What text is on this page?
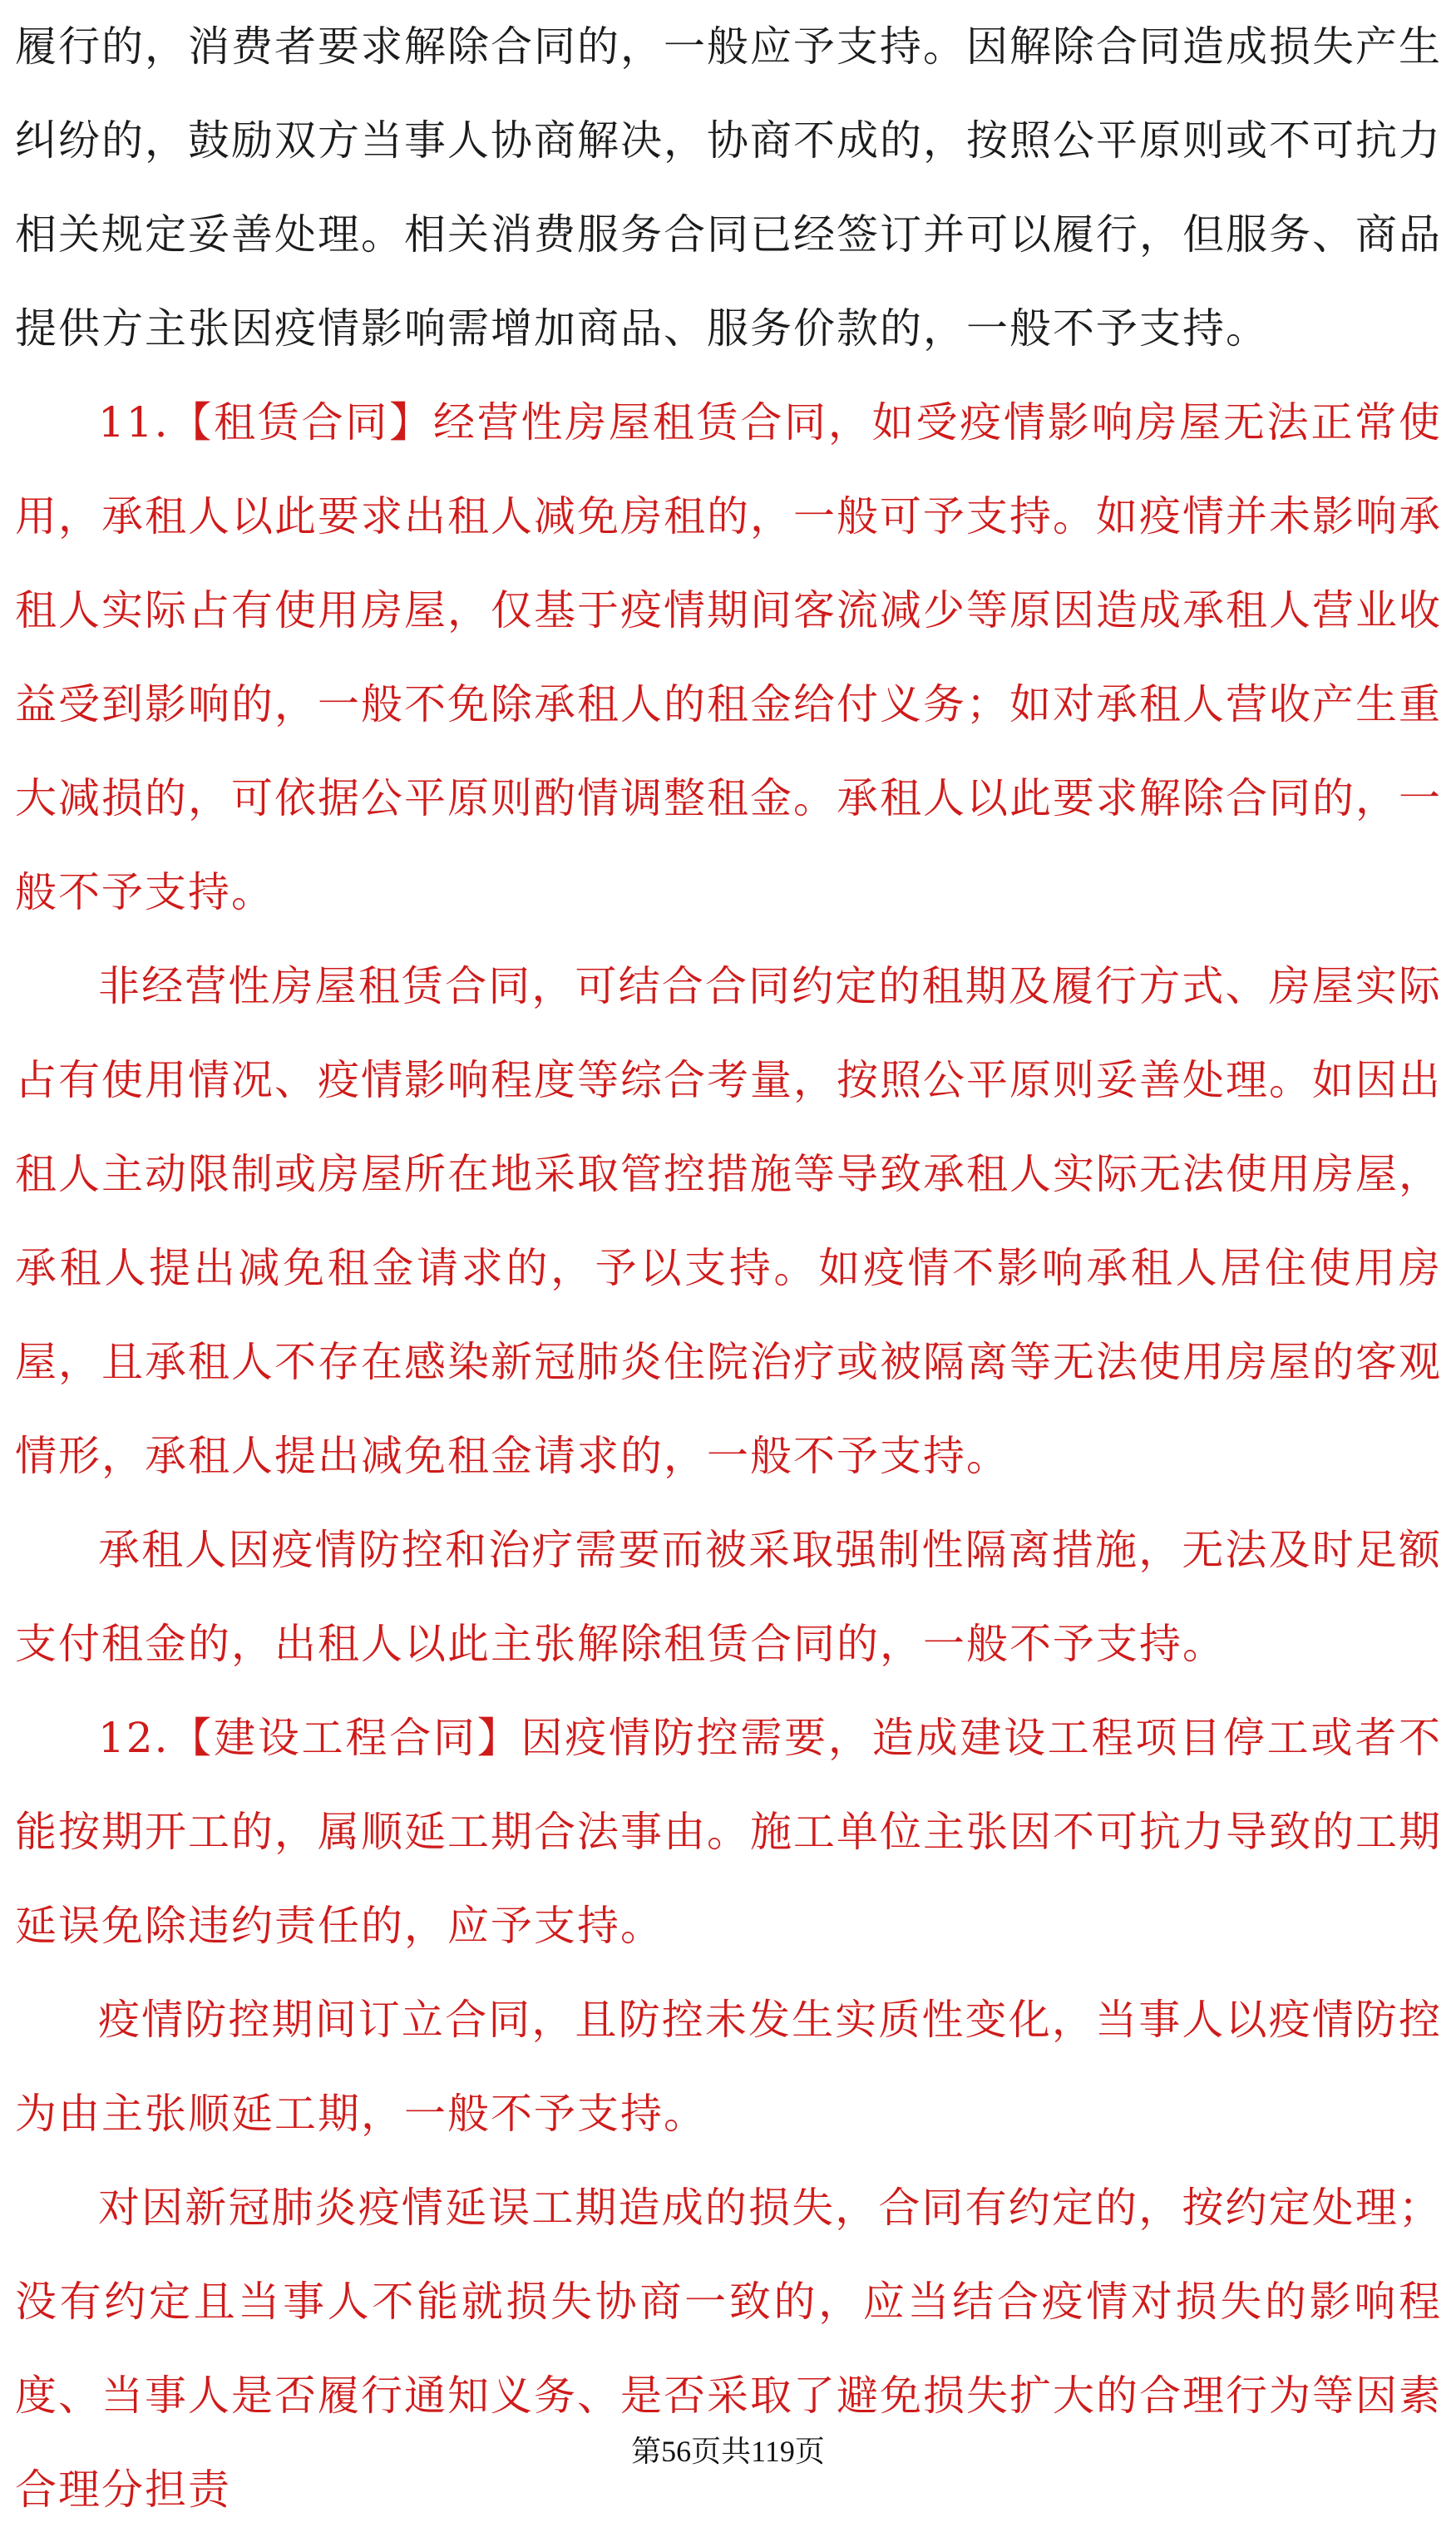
履行的，消费者要求解除合同的，一般应予支持。因解除合同造成损失产生纠纷的，鼓励双方当事人协商解决，协商不成的，按照公平原则或不可抗力相关规定妥善处理。相关消费服务合同已经签订并可以履行，但服务、商品提供方主张因疫情影响需增加商品、服务价款的，一般不予支持。

11.【租赁合同】经营性房屋租赁合同，如受疫情影响房屋无法正常使用，承租人以此要求出租人减免房租的，一般可予支持。如疫情并未影响承租人实际占有使用房屋，仅基于疫情期间客流减少等原因造成承租人营业收益受到影响的，一般不免除承租人的租金给付义务；如对承租人营收产生重大减损的，可依据公平原则酌情调整租金。承租人以此要求解除合同的，一般不予支持。

非经营性房屋租赁合同，可结合合同约定的租期及履行方式、房屋实际占有使用情况、疫情影响程度等综合考量，按照公平原则妥善处理。如因出租人主动限制或房屋所在地采取管控措施等导致承租人实际无法使用房屋，承租人提出减免租金请求的，予以支持。如疫情不影响承租人居住使用房屋，且承租人不存在感染新冠肺炎住院治疗或被隔离等无法使用房屋的客观情形，承租人提出减免租金请求的，一般不予支持。

承租人因疫情防控和治疗需要而被采取强制性隔离措施，无法及时足额支付租金的，出租人以此主张解除租赁合同的，一般不予支持。

12.【建设工程合同】因疫情防控需要，造成建设工程项目停工或者不能按期开工的，属顺延工期合法事由。施工单位主张因不可抗力导致的工期延误免除违约责任的，应予支持。

疫情防控期间订立合同，且防控未发生实质性变化，当事人以疫情防控为由主张顺延工期，一般不予支持。

对因新冠肺炎疫情延误工期造成的损失，合同有约定的，按约定处理；没有约定且当事人不能就损失协商一致的，应当结合疫情对损失的影响程度、当事人是否履行通知义务、是否采取了避免损失扩大的合理行为等因素合理分担责

第56页共119页
